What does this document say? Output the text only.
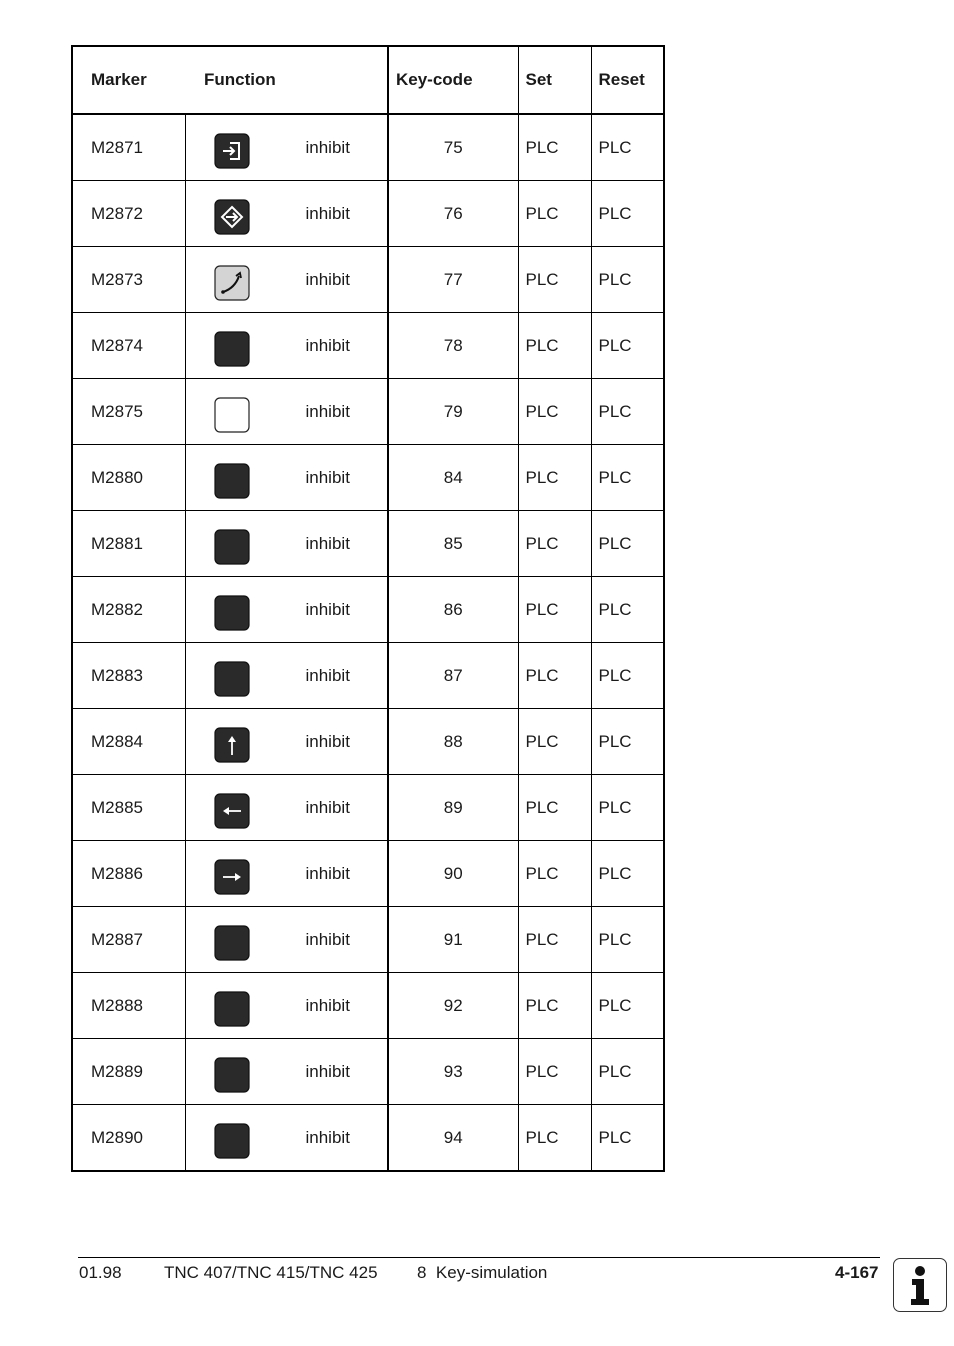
Marker Function		Key-code	Set	Reset
M2871	inhibit	75	PLC	PLC
M2872	inhibit	76	PLC	PLC
M2873	inhibit	77	PLC	PLC
M2874	inhibit	78	PLC	PLC
M2875	inhibit	79	PLC	PLC
M2880	inhibit	84	PLC	PLC
M2881	inhibit	85	PLC	PLC
M2882	inhibit	86	PLC	PLC
M2883	inhibit	87	PLC	PLC
M2884	inhibit	88	PLC	PLC
M2885	inhibit	89	PLC	PLC
M2886	inhibit	90	PLC	PLC
M2887	inhibit	91	PLC	PLC
M2888	inhibit	92	PLC	PLC
M2889	inhibit	93	PLC	PLC
M2890	inhibit	94	PLC	PLC
01.98 TNC 407/TNC 415/TNC 425 8  Key-simulation	4-167
